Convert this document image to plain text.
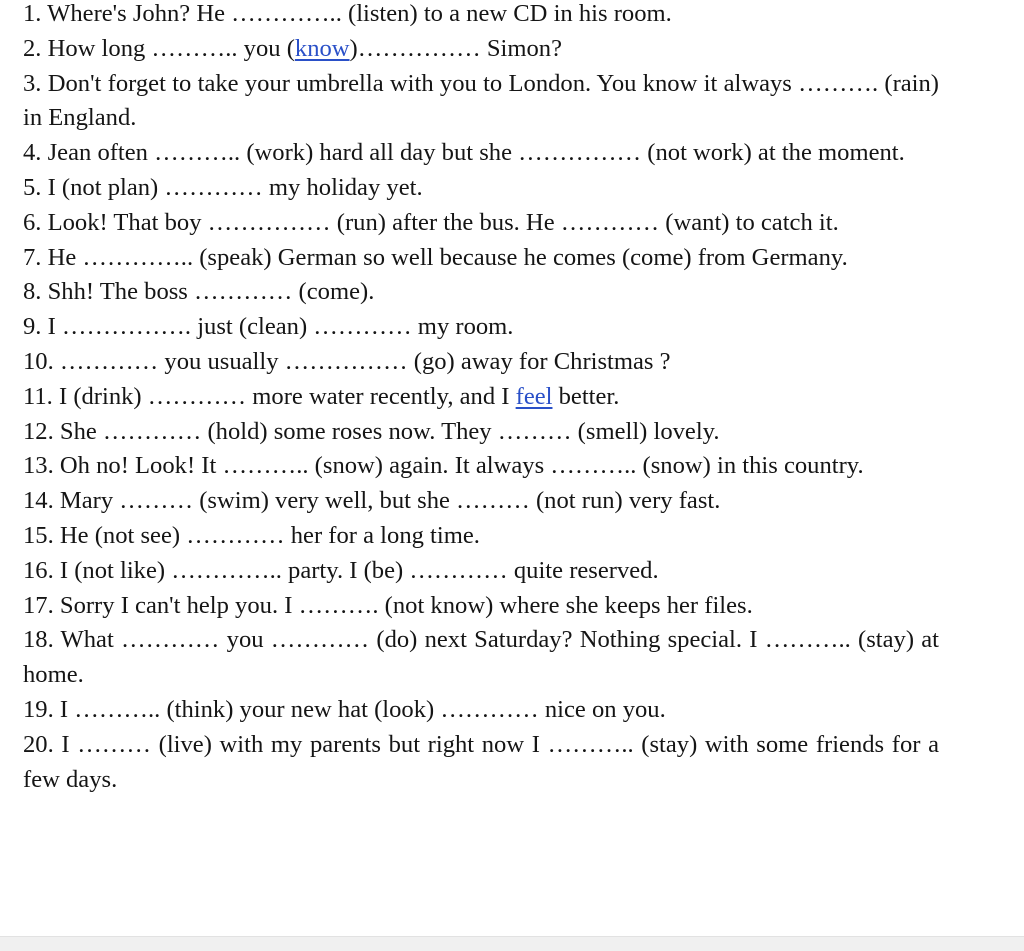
1. Where's John? He ………….. (listen) to a new CD in his room.

2. How long ……….. you (know)…………… Simon?

3. Don't forget to take your umbrella with you to London. You know it always ………. (rain) in England.

4. Jean often ……….. (work) hard all day but she …………… (not work) at the moment.

5. I (not plan) ………… my holiday yet.

6. Look! That boy …………… (run) after the bus. He ………… (want) to catch it.

7. He ………….. (speak) German so well because he comes (come) from Germany.

8. Shh! The boss ………… (come).

9. I ……………. just (clean) ………… my room.

10. ………… you usually …………… (go) away for Christmas ?

11. I (drink) ………… more water recently, and I feel better.

12. She ………… (hold) some roses now. They ……… (smell) lovely.

13. Oh no! Look! It ……….. (snow) again. It always ……….. (snow) in this country.

14. Mary ……… (swim) very well, but she ……… (not run) very fast.

15. He (not see) ………… her for a long time.

16. I (not like) ………….. party. I (be) ………… quite reserved.

17. Sorry I can't help you. I ………. (not know) where she keeps her files.

18. What ………… you ………… (do) next Saturday? Nothing special. I ……….. (stay) at home.

19. I ……….. (think) your new hat (look) ………… nice on you.

20. I ……… (live) with my parents but right now I ……….. (stay) with some friends for a few days.
